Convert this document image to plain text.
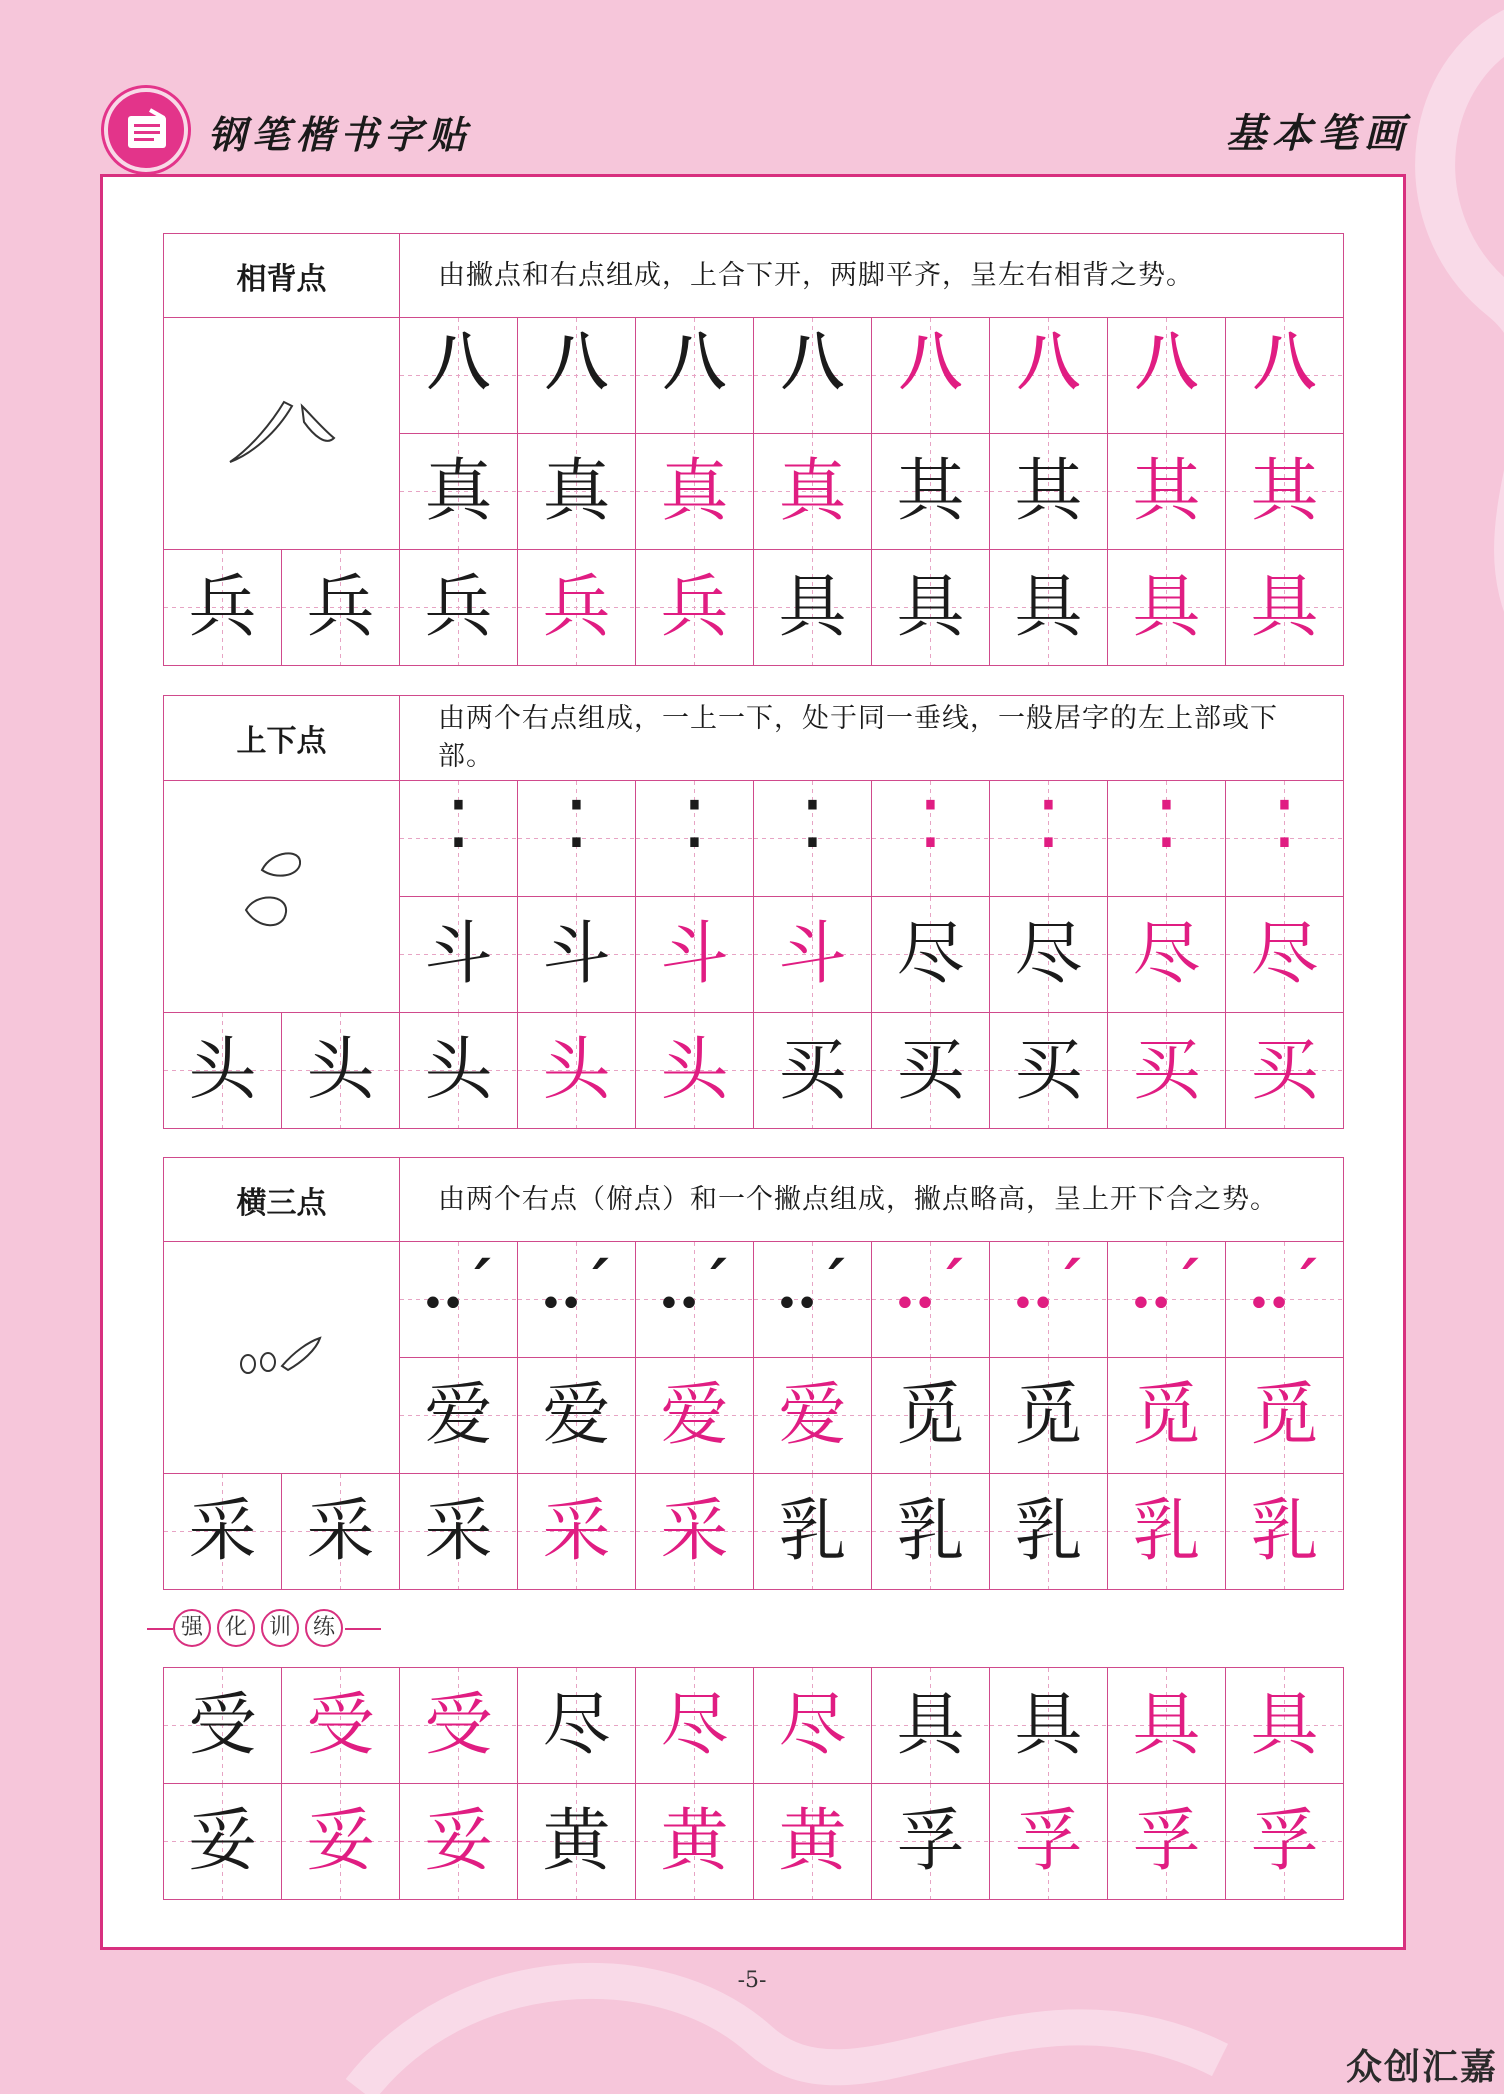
钢笔楷书字贴	基本笔画
相背点		由撇点和右点组成，上合下开，两脚平齐，呈左右相背之势。							
	八	八	八	八	八	八	八	八
		真	真	真	真	其	其	其	其
兵	兵	兵	兵	兵	具	具	具	具	具
上下点		由两个右点组成，一上一下，处于同一垂线，一般居字的左上部或下部。							
	⁚	⁚	⁚	⁚	⁚	⁚	⁚	⁚
		斗	斗	斗	斗	尽	尽	尽	尽
头	头	头	头	头	买	买	买	买	买
横三点		由两个右点（俯点）和一个撇点组成，撇点略高，呈上开下合之势。							
	‥ˊ	‥ˊ	‥ˊ	‥ˊ	‥ˊ	‥ˊ	‥ˊ	‥ˊ
		爱	爱	爱	爱	觅	觅	觅	觅
采	采	采	采	采	乳	乳	乳	乳	乳
强 化 训 练
受	受	受	尽	尽	尽	具	具	具	具
妥	妥	妥	黄	黄	黄	孚	孚	孚	孚
-5-
众创汇嘉
